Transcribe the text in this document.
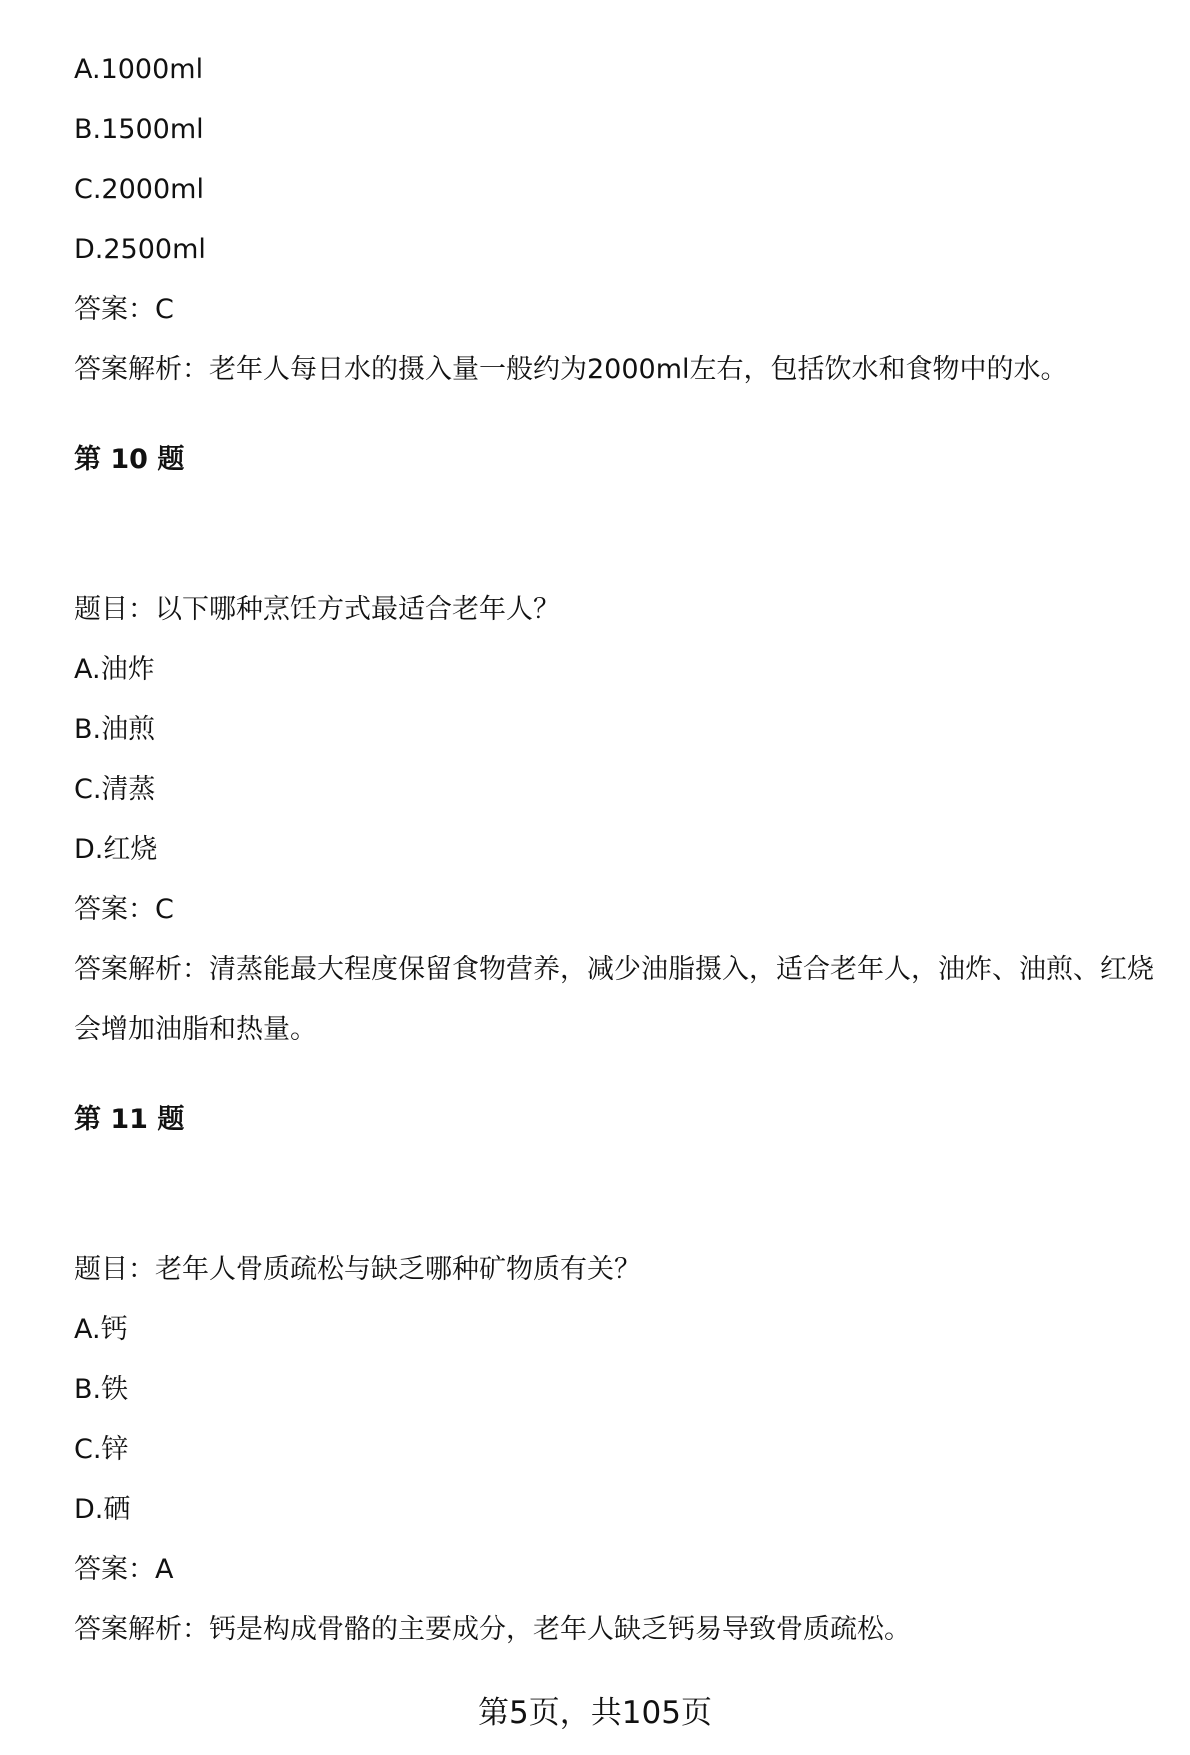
A.1000ml
B.1500ml
C.2000ml
D.2500ml
答案：C
答案解析：老年人每日水的摄入量一般约为2000ml左右，包括饮水和食物中的水。
第 10 题
题目：以下哪种烹饪方式最适合老年人？
A.油炸
B.油煎
C.清蒸
D.红烧
答案：C
答案解析：清蒸能最大程度保留食物营养，减少油脂摄入，适合老年人，油炸、油煎、红烧会增加油脂和热量。
第 11 题
题目：老年人骨质疏松与缺乏哪种矿物质有关？
A.钙
B.铁
C.锌
D.硒
答案：A
答案解析：钙是构成骨骼的主要成分，老年人缺乏钙易导致骨质疏松。
第5页，共105页
